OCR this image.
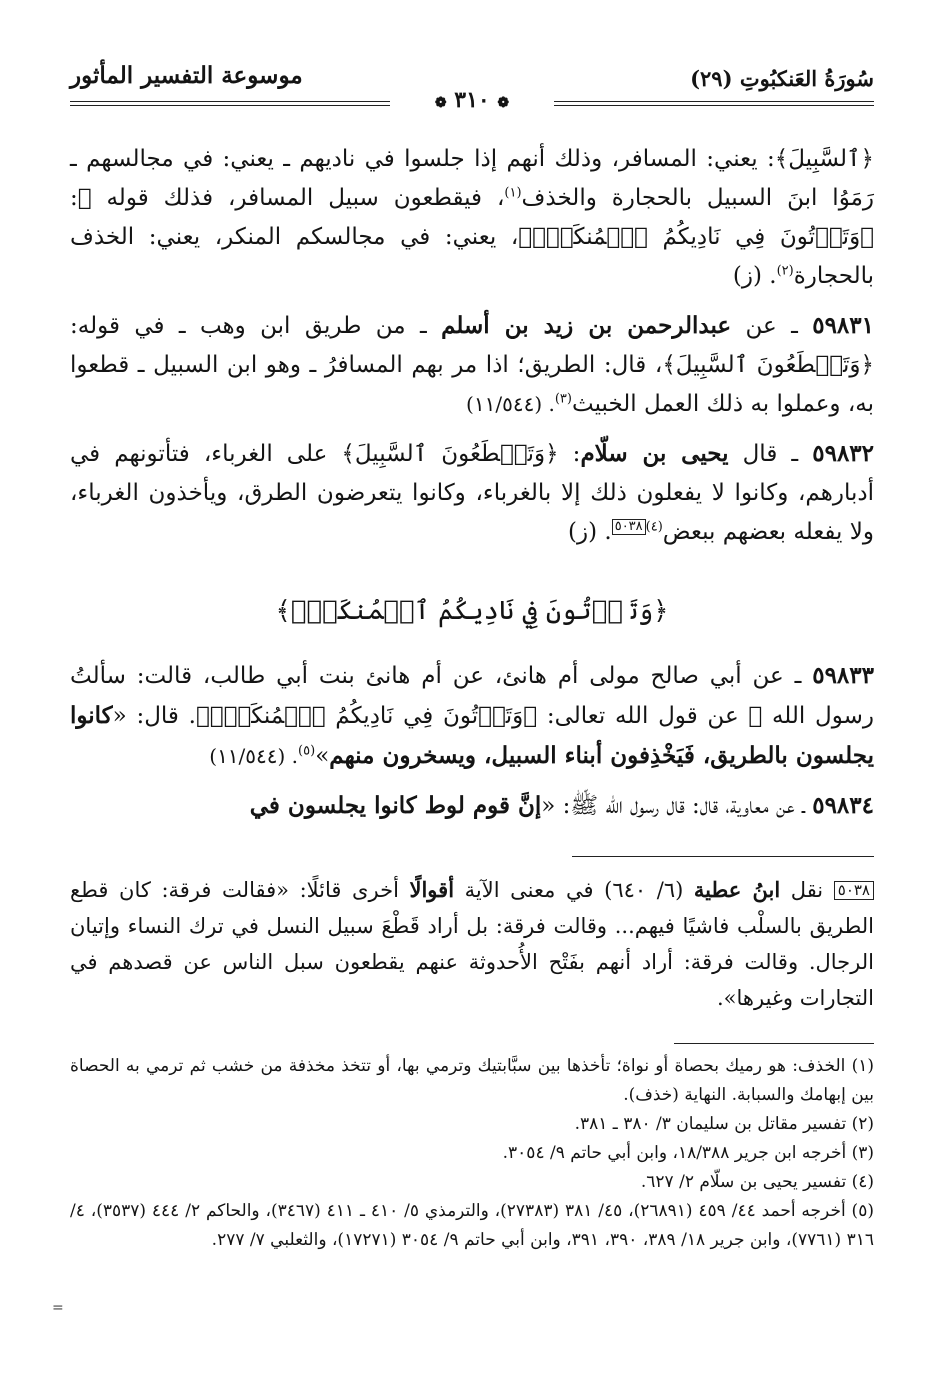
سُورَةُ العَنكبُوتِ (٢٩)
موسوعة التفسير المأثور
❁ ٣١٠ ❁

﴿ٱلسَّبِيلَ﴾: يعني: المسافر، وذلك أنهم إذا جلسوا في ناديهم ـ يعني: في مجالسهم ـ رَمَوُا ابنَ السبيل بالحجارة والخذف$^{(١)}$، فيقطعون سبيل المسافر، فذلك قوله ﷻ: ﴿وَتَأۡتُونَ فِي نَادِيكُمُ ٱلۡمُنكَرَۖ﴾، يعني: في مجالسكم المنكر، يعني: الخذف بالحجارة$^{(٢)}$. (ز)

٥٩٨٣١ ـ عن عبدالرحمن بن زيد بن أسلم ـ من طريق ابن وهب ـ في قوله: ﴿وَتَقۡطَعُونَ ٱلسَّبِيلَ﴾، قال: الطريق؛ اذا مر بهم المسافرُ ـ وهو ابن السبيل ـ قطعوا به، وعملوا به ذلك العمل الخبيث$^{(٣)}$. (١١/٥٤٤)

٥٩٨٣٢ ـ قال يحيى بن سلّام: ﴿وَتَقۡطَعُونَ ٱلسَّبِيلَ﴾ على الغرباء، فتأتونهم في أدبارهم، وكانوا لا يفعلون ذلك إلا بالغرباء، وكانوا يتعرضون الطرق، ويأخذون الغرباء، ولا يفعله بعضهم ببعض$^{(٤)}$٥٠٣٨. (ز)

﴿وَتَأۡتُونَ فِي نَادِيكُمُ ٱلۡمُنكَرَۖ﴾

٥٩٨٣٣ ـ عن أبي صالح مولى أم هانئ، عن أم هانئ بنت أبي طالب، قالت: سألتُ رسول الله ﷺ عن قول الله تعالى: ﴿وَتَأۡتُونَ فِي نَادِيكُمُ ٱلۡمُنكَرَۖ﴾. قال: «كانوا يجلسون بالطريق، فَيَخْذِفون أبناء السبيل، ويسخرون منهم»$^{(٥)}$. (١١/٥٤٤)

٥٩٨٣٤ ـ عن معاوية، قال: قال رسول الله ﷺ: «إنَّ قوم لوط كانوا يجلسون في

٥٠٣٨ نقل ابنُ عطية (٦/ ٦٤٠) في معنى الآية أقوالًا أخرى قائلًا: «فقالت فرقة: كان قطع الطريق بالسلْب فاشيًا فيهم... وقالت فرقة: بل أراد قَطْعَ سبيل النسل في ترك النساء وإتيان الرجال. وقالت فرقة: أراد أنهم بفَتْح الأُحدوثة عنهم يقطعون سبل الناس عن قصدهم في التجارات وغيرها».

(١) الخذف: هو رميك بحصاة أو نواة؛ تأخذها بين سبَّابتيك وترمي بها، أو تتخذ مخذفة من خشب ثم ترمي به الحصاة بين إبهامك والسبابة. النهاية (خذف).

(٢) تفسير مقاتل بن سليمان ٣/ ٣٨٠ ـ ٣٨١.

(٣) أخرجه ابن جرير ١٨/٣٨٨، وابن أبي حاتم ٩/ ٣٠٥٤.

(٤) تفسير يحيى بن سلّام ٢/ ٦٢٧.

(٥) أخرجه أحمد ٤٤/ ٤٥٩ (٢٦٨٩١)، ٤٥/ ٣٨١ (٢٧٣٨٣)، والترمذي ٥/ ٤١٠ ـ ٤١١ (٣٤٦٧)، والحاكم ٢/ ٤٤٤ (٣٥٣٧)، ٤/ ٣١٦ (٧٧٦١)، وابن جرير ١٨/ ٣٨٩، ٣٩٠، ٣٩١، وابن أبي حاتم ٩/ ٣٠٥٤ (١٧٢٧١)، والثعلبي ٧/ ٢٧٧.

=
